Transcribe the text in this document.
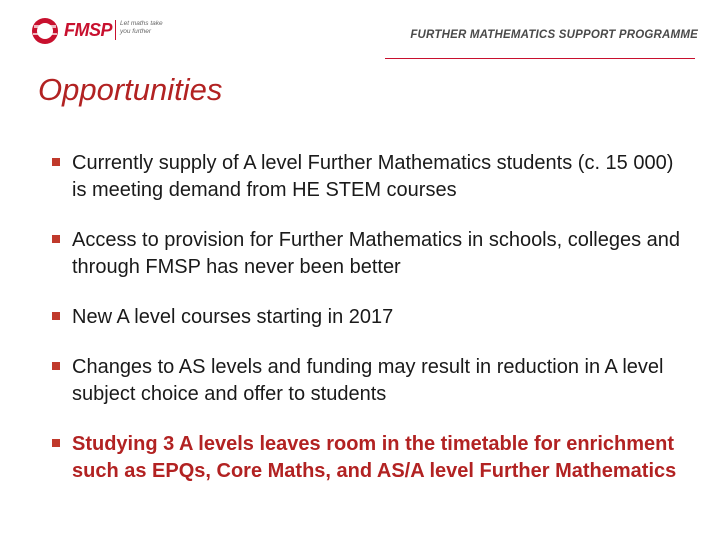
FMSP Let maths take you further	FURTHER MATHEMATICS SUPPORT PROGRAMME
Opportunities
Currently supply of A level Further Mathematics students (c. 15 000) is meeting demand from HE STEM courses
Access to provision for Further Mathematics in schools, colleges and through FMSP has never been better
New A level courses starting in 2017
Changes to AS levels and funding may result in reduction in A level subject choice and offer to students
Studying 3 A levels leaves room in the timetable for enrichment such as EPQs, Core Maths, and AS/A level Further Mathematics
